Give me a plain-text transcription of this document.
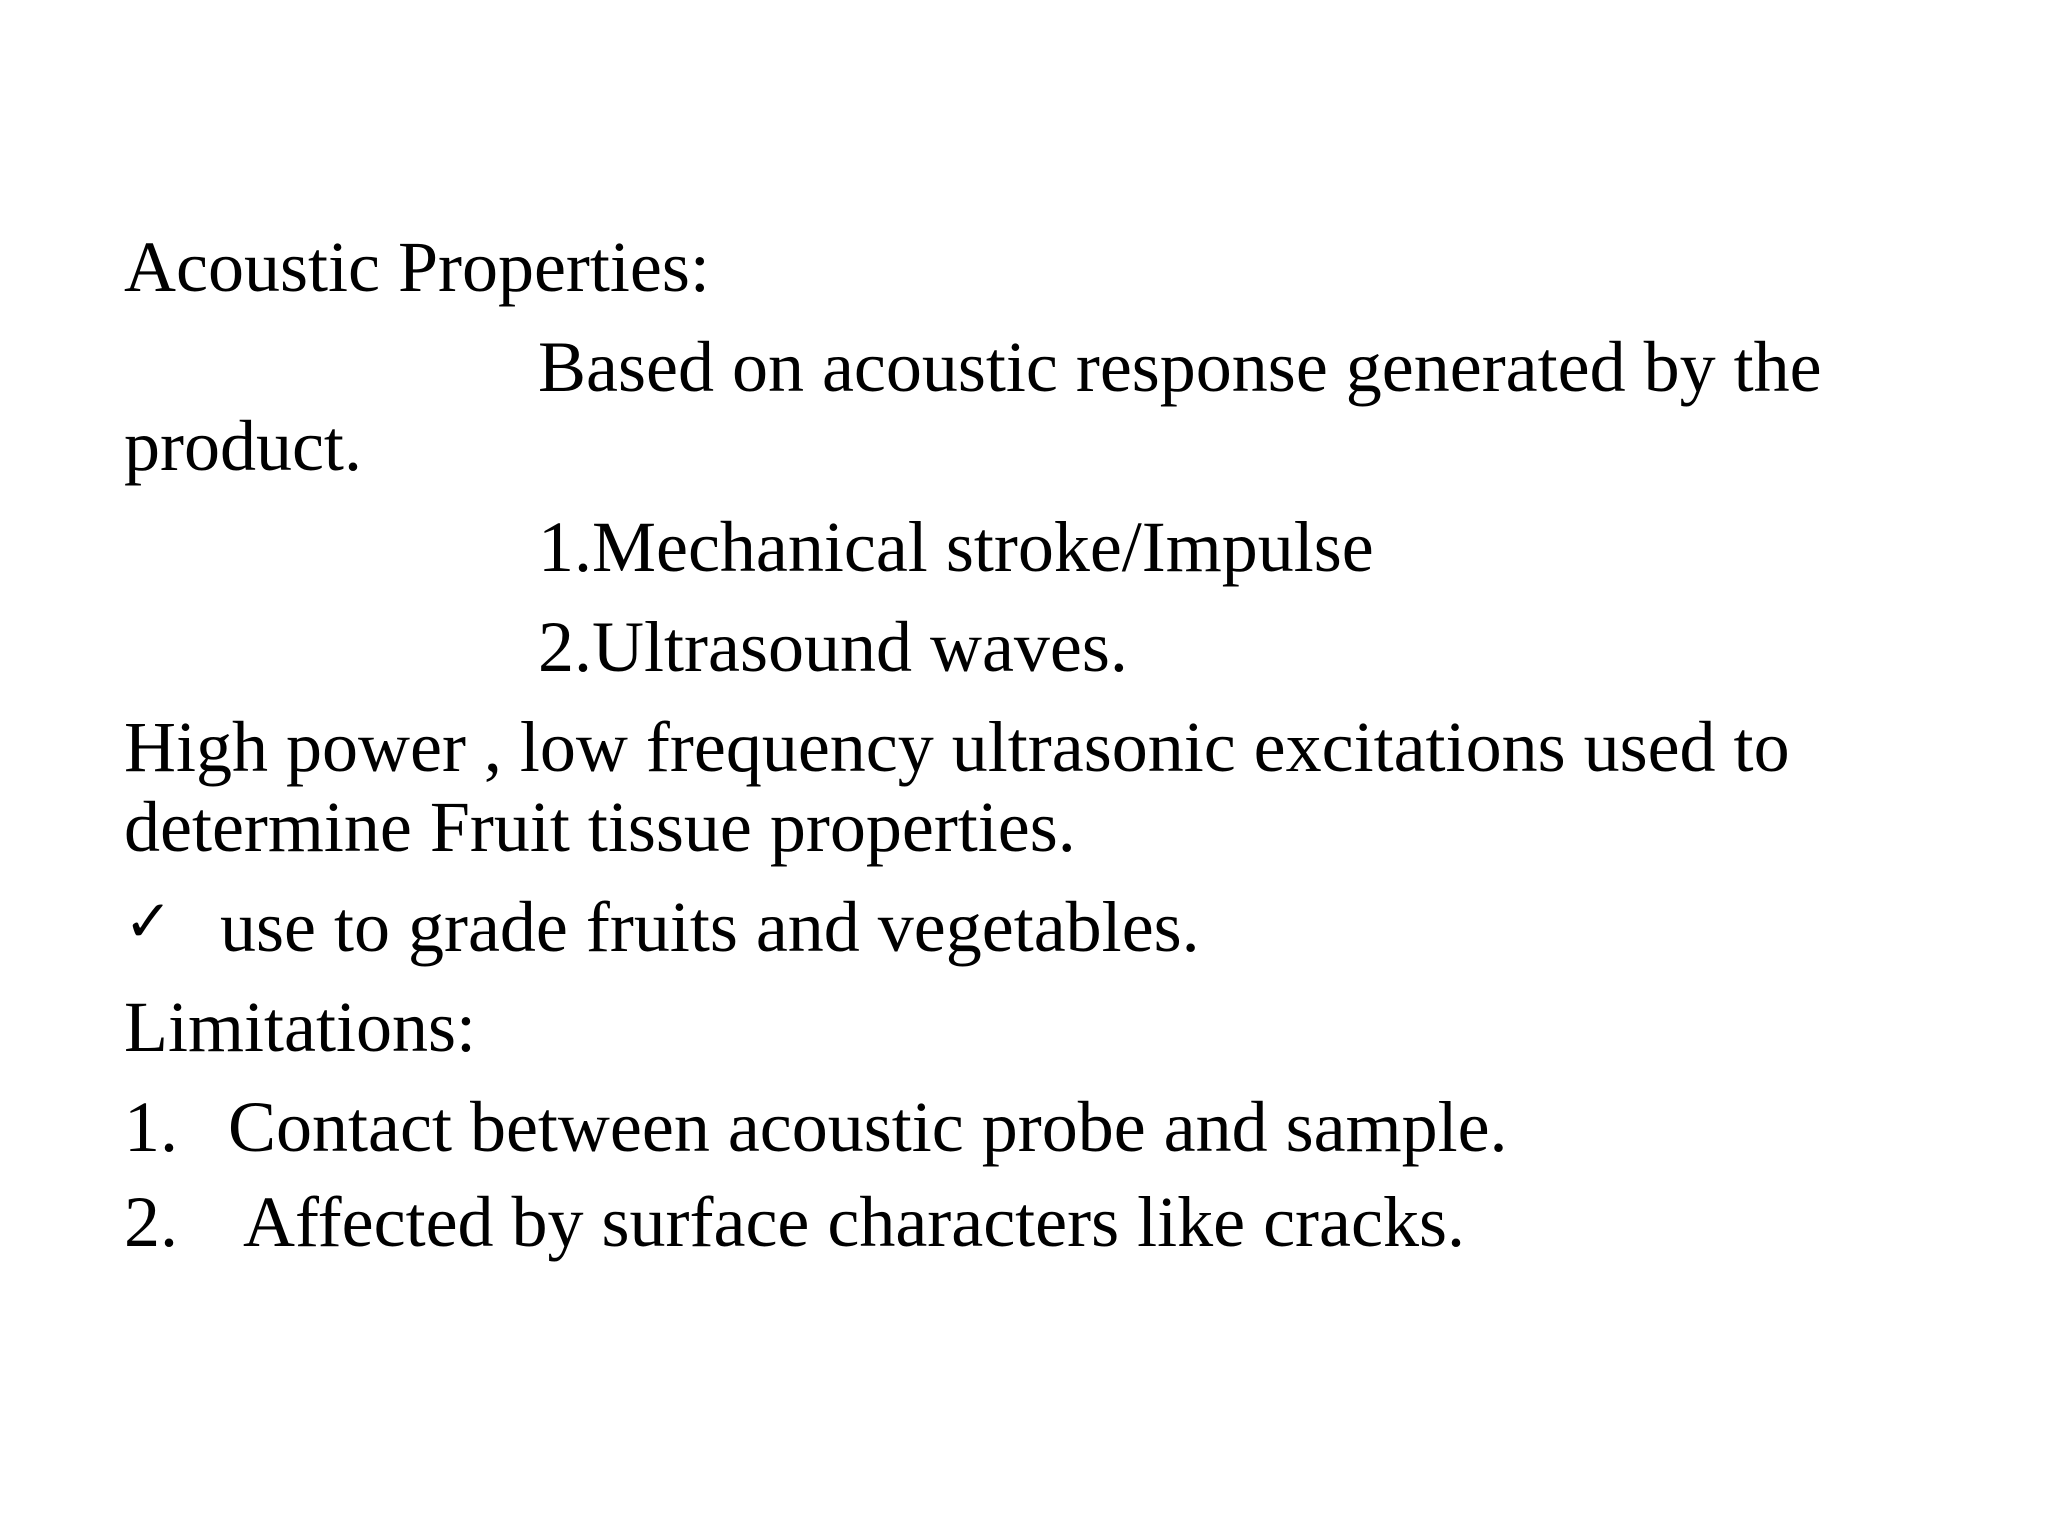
Acoustic Properties:
Based on acoustic response generated by the
product.
1.Mechanical stroke/Impulse
2.Ultrasound waves.
High power , low frequency ultrasonic excitations used to
determine Fruit tissue properties.
✓ use to grade fruits and vegetables.
Limitations:
1. Contact between acoustic probe and sample.
2. Affected by surface characters like cracks.
